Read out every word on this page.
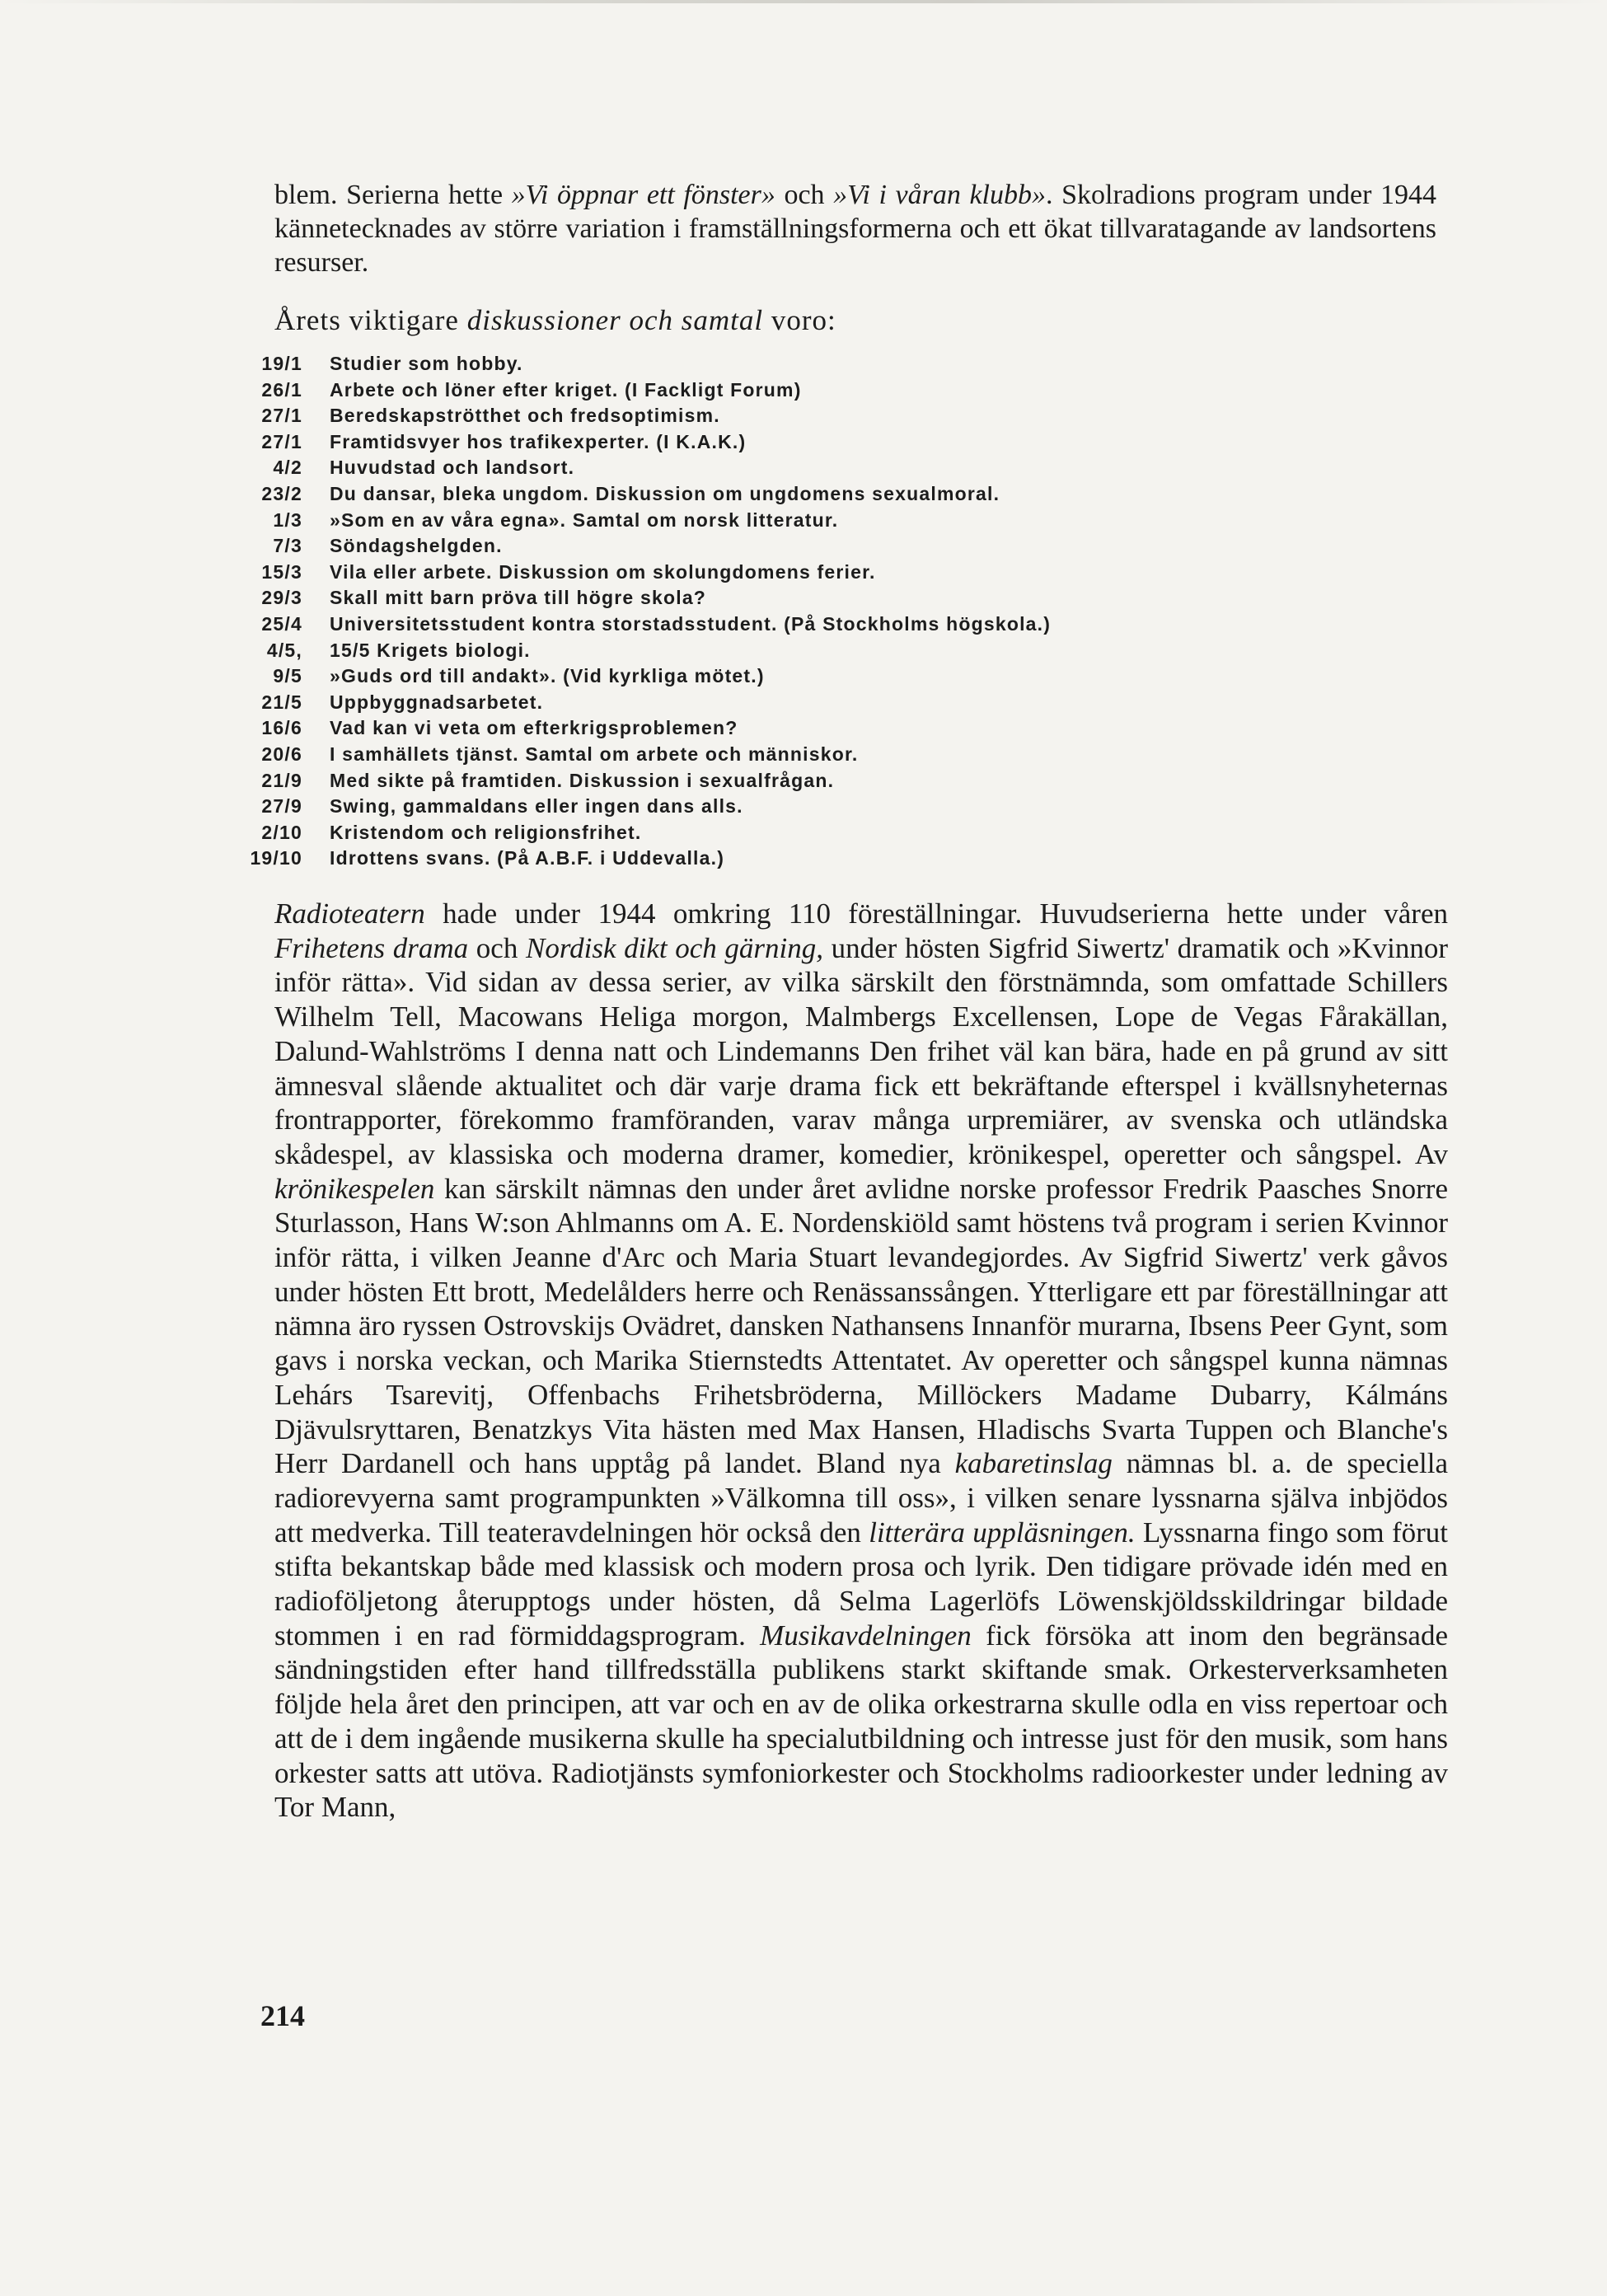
blem. Serierna hette »Vi öppnar ett fönster» och »Vi i våran klubb». Skolradions program under 1944 kännetecknades av större variation i framställningsformerna och ett ökat tillvaratagande av landsortens resurser.

Årets viktigare diskussioner och samtal voro:

19/1	Studier som hobby.
26/1	Arbete och löner efter kriget. (I Fackligt Forum)
27/1	Beredskapströtthet och fredsoptimism.
27/1	Framtidsvyer hos trafikexperter. (I K.A.K.)
4/2	Huvudstad och landsort.
23/2	Du dansar, bleka ungdom. Diskussion om ungdomens sexualmoral.
1/3	»Som en av våra egna». Samtal om norsk litteratur.
7/3	Söndagshelgden.
15/3	Vila eller arbete. Diskussion om skolungdomens ferier.
29/3	Skall mitt barn pröva till högre skola?
25/4	Universitetsstudent kontra storstadsstudent. (På Stockholms högskola.)
4/5,	15/5 Krigets biologi.
9/5	»Guds ord till andakt». (Vid kyrkliga mötet.)
21/5	Uppbyggnadsarbetet.
16/6	Vad kan vi veta om efterkrigsproblemen?
20/6	I samhällets tjänst. Samtal om arbete och människor.
21/9	Med sikte på framtiden. Diskussion i sexualfrågan.
27/9	Swing, gammaldans eller ingen dans alls.
2/10	Kristendom och religionsfrihet.
19/10	Idrottens svans. (På A.B.F. i Uddevalla.)

Radioteatern hade under 1944 omkring 110 föreställningar. Huvudserierna hette under våren Frihetens drama och Nordisk dikt och gärning, under hösten Sigfrid Siwertz' dramatik och »Kvinnor inför rätta». Vid sidan av dessa serier, av vilka särskilt den förstnämnda, som omfattade Schillers Wilhelm Tell, Macowans Heliga morgon, Malmbergs Excellensen, Lope de Vegas Fårakällan, Dalund-Wahlströms I denna natt och Lindemanns Den frihet väl kan bära, hade en på grund av sitt ämnesval slående aktualitet och där varje drama fick ett bekräftande efterspel i kvällsnyheternas frontrapporter, förekommo framföranden, varav många urpremiärer, av svenska och utländska skådespel, av klassiska och moderna dramer, komedier, krönikespel, operetter och sångspel. Av krönikespelen kan särskilt nämnas den under året avlidne norske professor Fredrik Paasches Snorre Sturlasson, Hans W:son Ahlmanns om A. E. Nordenskiöld samt höstens två program i serien Kvinnor inför rätta, i vilken Jeanne d'Arc och Maria Stuart levandegjordes. Av Sigfrid Siwertz' verk gåvos under hösten Ett brott, Medelålders herre och Renässanssången. Ytterligare ett par föreställningar att nämna äro ryssen Ostrovskijs Ovädret, dansken Nathansens Innanför murarna, Ibsens Peer Gynt, som gavs i norska veckan, och Marika Stiernstedts Attentatet. Av operetter och sångspel kunna nämnas Lehárs Tsarevitj, Offenbachs Frihetsbröderna, Millöckers Madame Dubarry, Kálmáns Djävulsryttaren, Benatzkys Vita hästen med Max Hansen, Hladischs Svarta Tuppen och Blanche's Herr Dardanell och hans upptåg på landet. Bland nya kabaretinslag nämnas bl. a. de speciella radiorevyerna samt programpunkten »Välkomna till oss», i vilken senare lyssnarna själva inbjödos att medverka. Till teateravdelningen hör också den litterära uppläsningen. Lyssnarna fingo som förut stifta bekantskap både med klassisk och modern prosa och lyrik. Den tidigare prövade idén med en radioföljetong återupptogs under hösten, då Selma Lagerlöfs Löwenskjöldsskildringar bildade stommen i en rad förmiddagsprogram. Musikavdelningen fick försöka att inom den begränsade sändningstiden efter hand tillfredsställa publikens starkt skiftande smak. Orkesterverksamheten följde hela året den principen, att var och en av de olika orkestrarna skulle odla en viss repertoar och att de i dem ingående musikerna skulle ha specialutbildning och intresse just för den musik, som hans orkester satts att utöva. Radiotjänsts symfoniorkester och Stockholms radioorkester under ledning av Tor Mann,

214
